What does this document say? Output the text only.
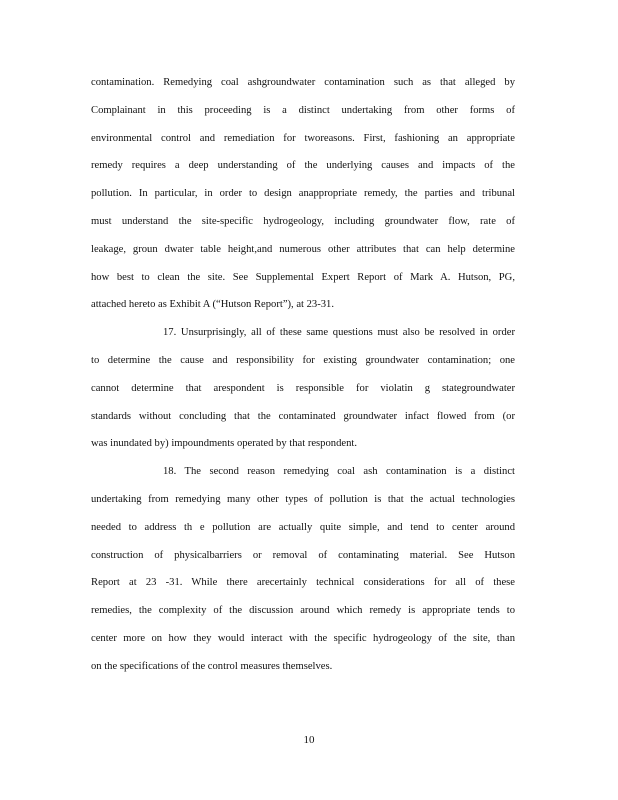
contamination. Remedying coal ashgroundwater contamination such as that alleged by
Complainant in this proceeding is a distinct undertaking from other forms of
environmental control and remediation for tworeasons. First, fashioning an appropriate
remedy requires a deep understanding of the underlying causes and impacts of the
pollution. In particular, in order to design anappropriate remedy, the parties and tribunal
must understand the site-specific hydrogeology, including groundwater flow, rate of
leakage, groun dwater table height,and numerous other attributes that can help determine
how best to clean the site. See Supplemental Expert Report of Mark A. Hutson, PG,
attached hereto as Exhibit A (“Hutson Report”), at 23-31.
17. Unsurprisingly, all of these same questions must also be resolved in order
to determine the cause and responsibility for existing groundwater contamination; one
cannot determine that arespondent is responsible for violatin g stategroundwater
standards without concluding that the contaminated groundwater infact flowed from (or
was inundated by) impoundments operated by that respondent.
18. The second reason remedying coal ash contamination is a distinct
undertaking from remedying many other types of pollution is that the actual technologies
needed to address th e pollution are actually quite simple, and tend to center around
construction of physicalbarriers or removal of contaminating material. See Hutson
Report at 23 -31. While there arecertainly technical considerations for all of these
remedies, the complexity of the discussion around which remedy is appropriate tends to
center more on how they would interact with the specific hydrogeology of the site, than
on the specifications of the control measures themselves.
10
